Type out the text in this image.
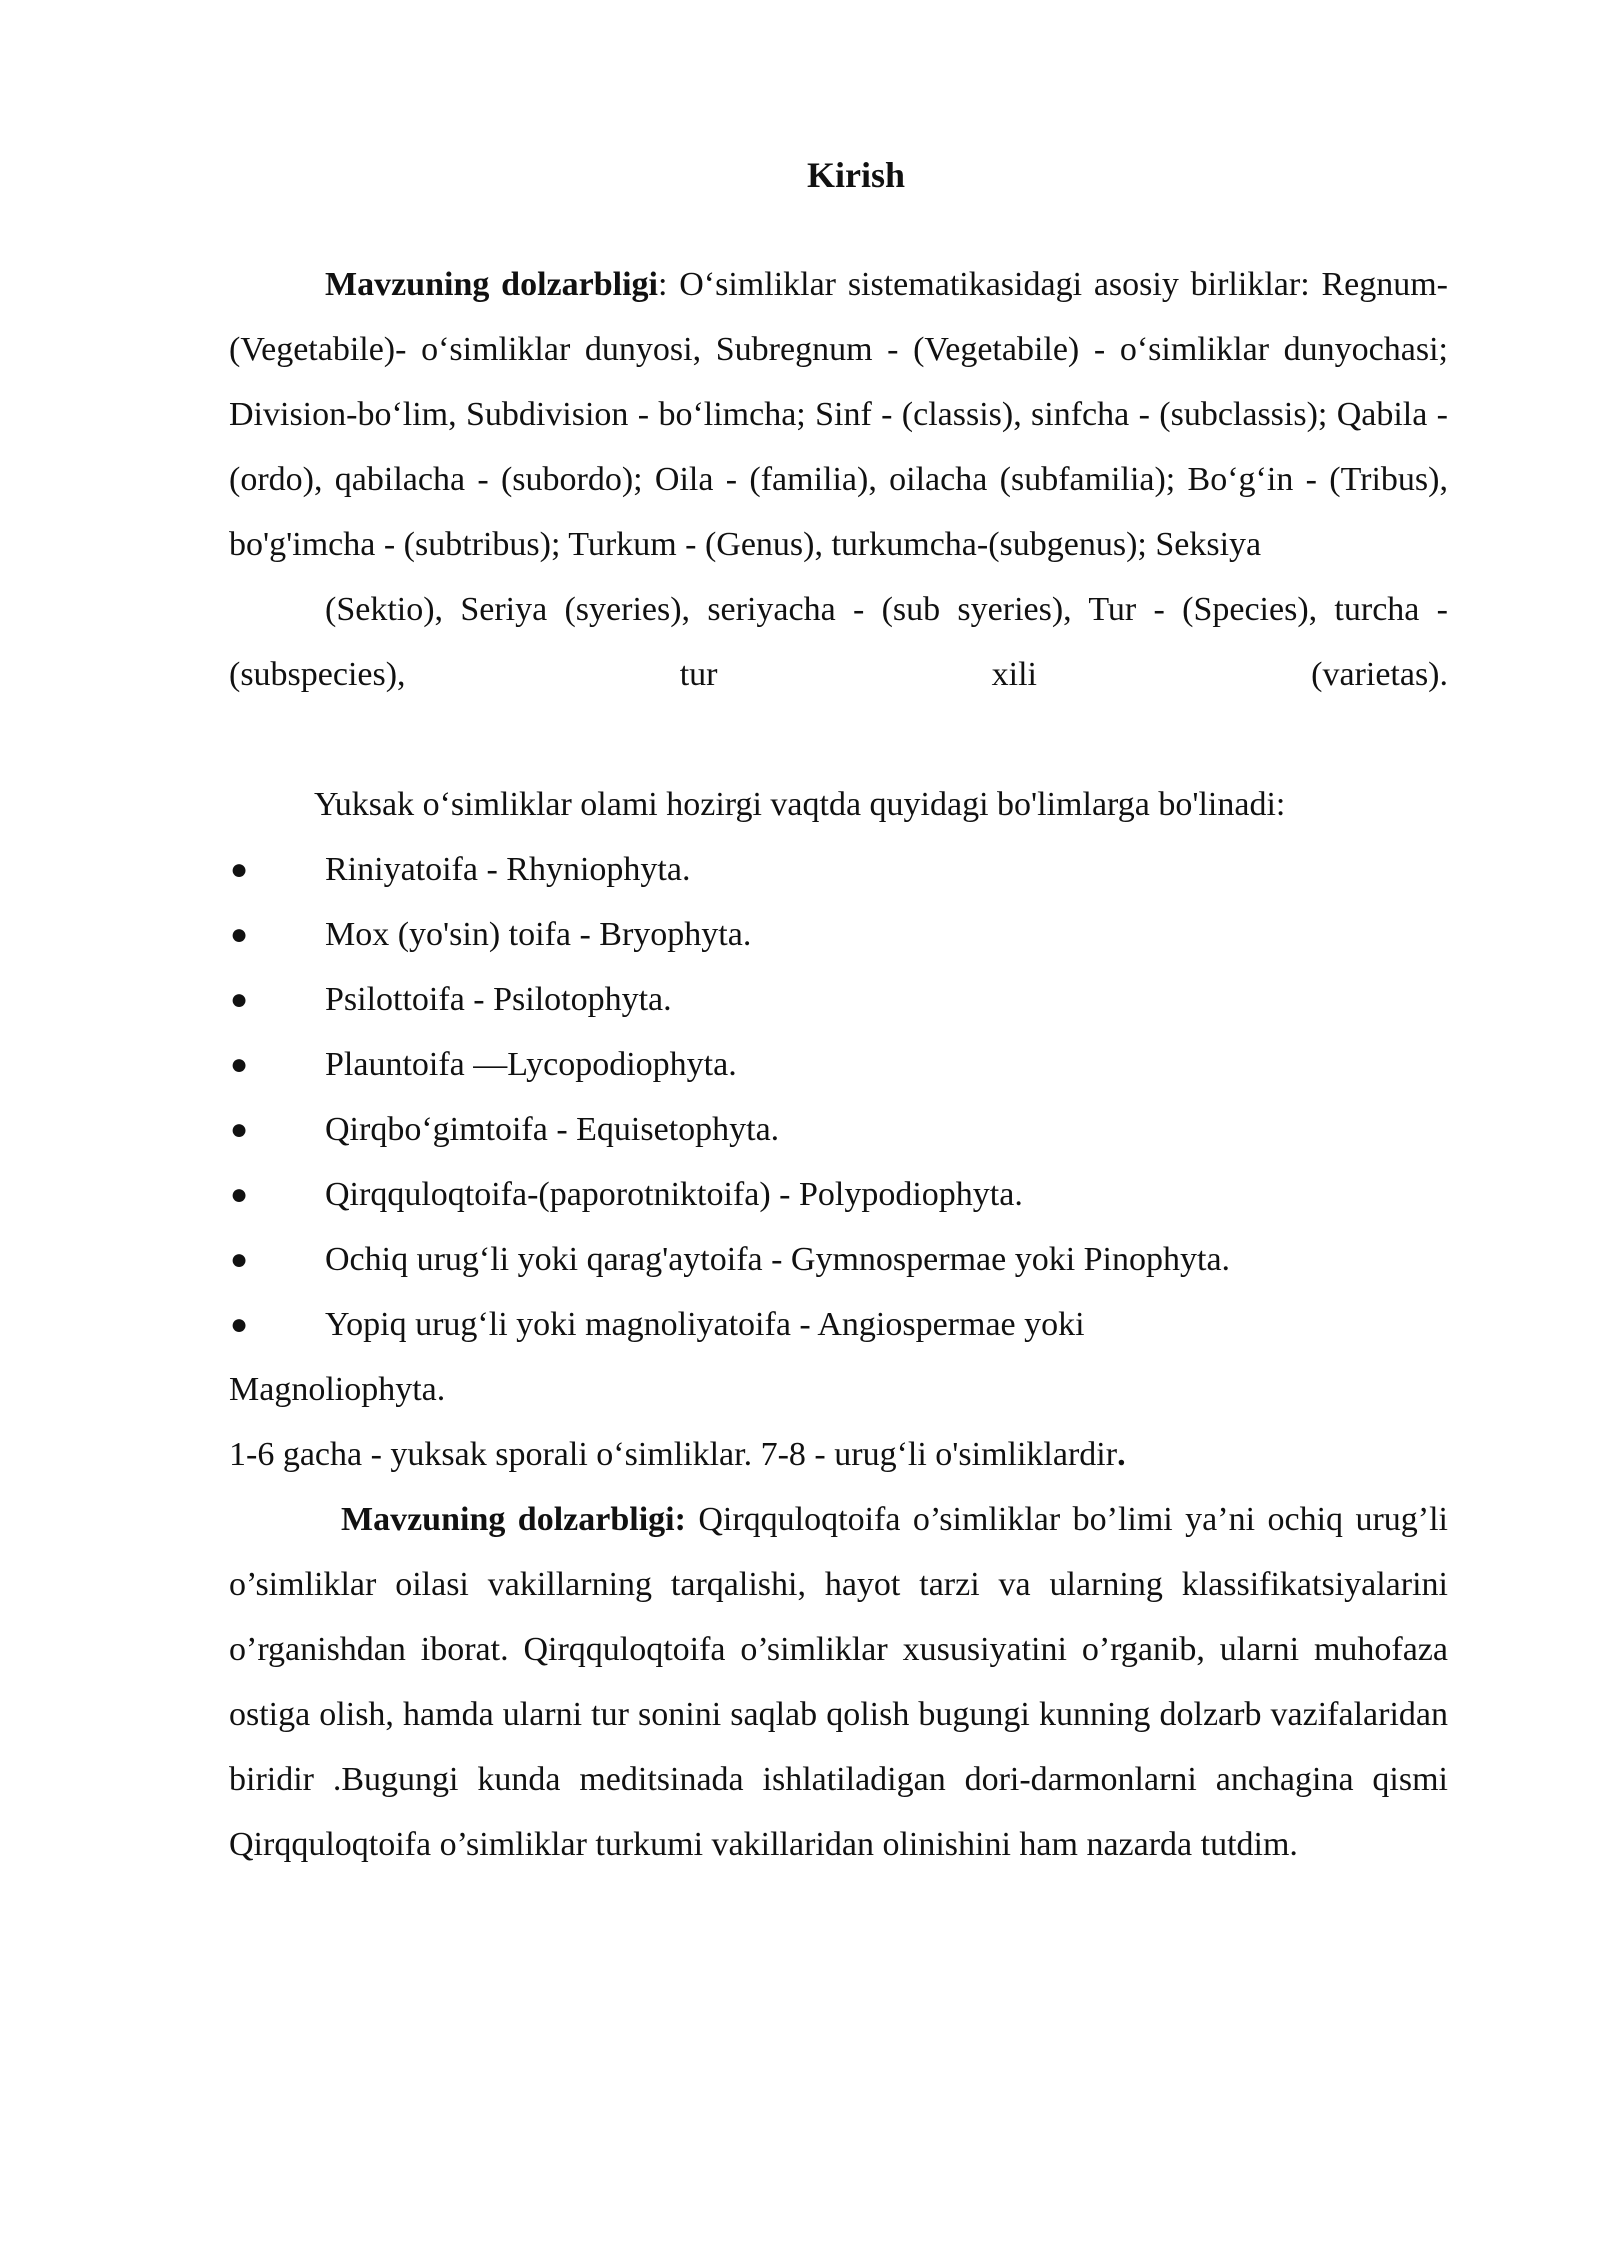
Kirish
Mavzuning dolzarbligi: O‘simliklar sistematikasidagi asosiy birliklar: Regnum-(Vegetabile)- o‘simliklar dunyosi, Subregnum - (Vegetabile) - o‘simliklar dunyochasi; Division-bo‘lim, Subdivision - bo‘limcha; Sinf - (classis), sinfcha - (subclassis); Qabila - (ordo), qabilacha - (subordo); Oila - (familia), oilacha (subfamilia); Bo‘g‘in - (Tribus), bo'g'imcha - (subtribus); Turkum - (Genus), turkumcha-(subgenus); Seksiya
(Sektio), Seriya (syeries), seriyacha - (sub syeries), Tur - (Species), turcha - (subspecies), tur xili (varietas).
Yuksak o‘simliklar olami hozirgi vaqtda quyidagi bo'limlarga bo'linadi:
● Riniyatoifa - Rhyniophyta.
● Mox (yo'sin) toifa - Bryophyta.
● Psilottoifa - Psilotophyta.
● Plauntoifa —Lycopodiophyta.
● Qirqbo‘gimtoifa - Equisetophyta.
● Qirqquloqtoifa-(paporotniktoifa) - Polypodiophyta.
● Ochiq urug‘li yoki qarag'aytoifa - Gymnospermae yoki Pinophyta.
● Yopiq urug‘li yoki magnoliyatoifa - Angiospermae yoki
Magnoliophyta.
1-6 gacha - yuksak sporali o‘simliklar. 7-8 - urug‘li o'simliklardir.
Mavzuning dolzarbligi: Qirqquloqtoifa o’simliklar bo’limi ya’ni ochiq urug’li o’simliklar oilasi vakillarning tarqalishi, hayot tarzi va ularning klassifikatsiyalarini o’rganishdan iborat. Qirqquloqtoifa o’simliklar xususiyatini o’rganib, ularni muhofaza ostiga olish, hamda ularni tur sonini saqlab qolish bugungi kunning dolzarb vazifalaridan biridir .Bugungi kunda meditsinada ishlatiladigan dori-darmonlarni anchagina qismi Qirqquloqtoifa o’simliklar turkumi vakillaridan olinishini ham nazarda tutdim.
